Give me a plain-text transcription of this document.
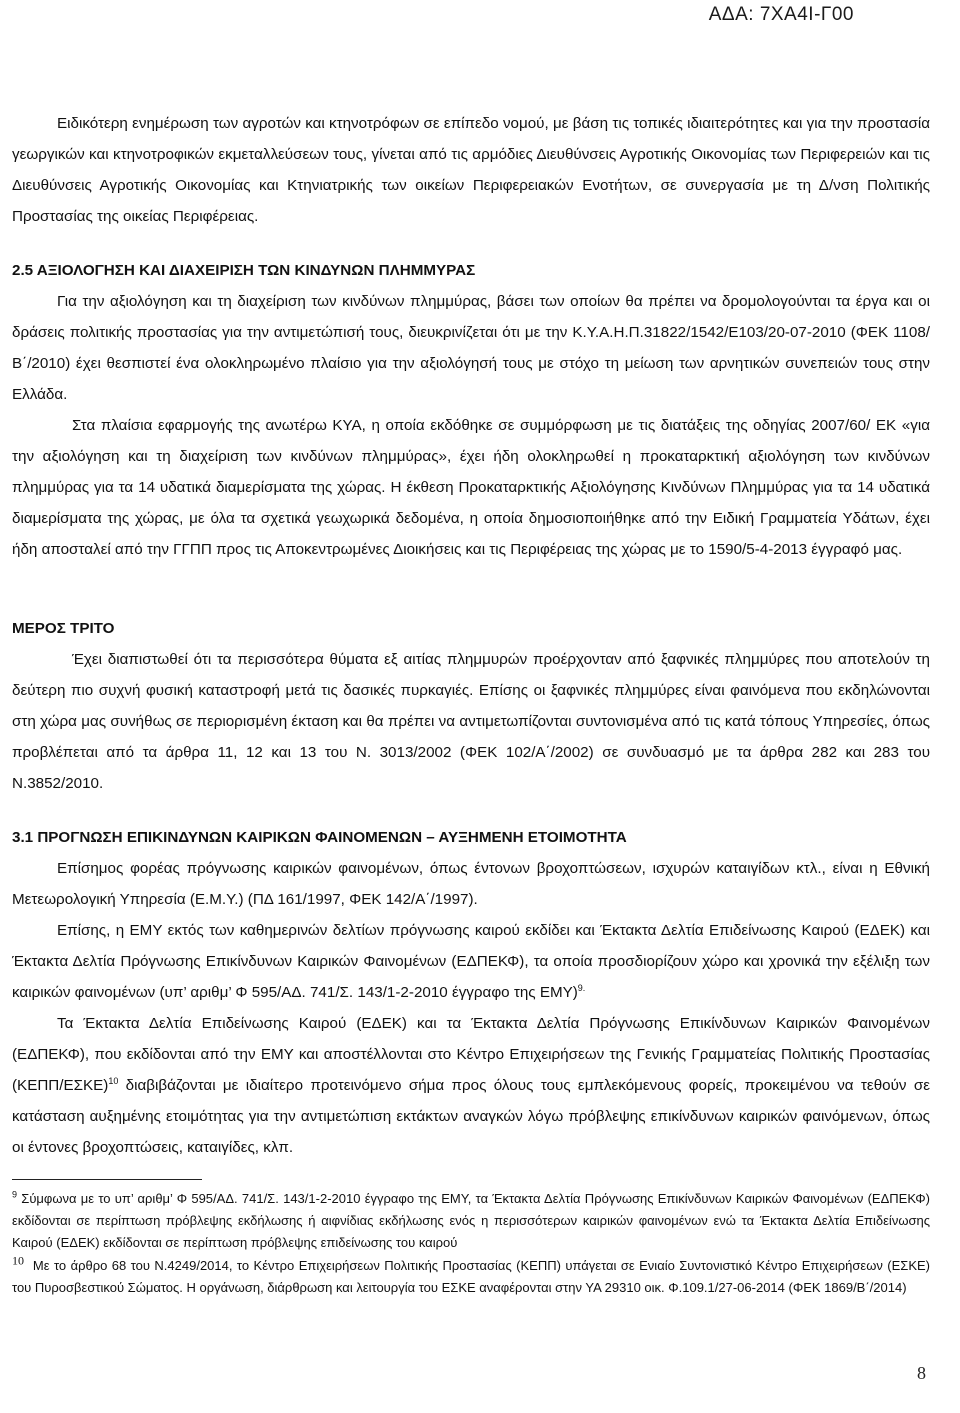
ΑΔΑ: 7ΧΑ4Ι-Γ00

Ειδικότερη ενημέρωση των αγροτών και κτηνοτρόφων σε επίπεδο νομού, με βάση τις τοπικές ιδιαιτερότητες και για την προστασία γεωργικών και κτηνοτροφικών εκμεταλλεύσεων τους, γίνεται από τις αρμόδιες Διευθύνσεις Αγροτικής Οικονομίας των Περιφερειών και τις Διευθύνσεις Αγροτικής Οικονομίας και Κτηνιατρικής των οικείων Περιφερειακών Ενοτήτων, σε συνεργασία με τη Δ/νση Πολιτικής Προστασίας της οικείας Περιφέρειας.

2.5 ΑΞΙΟΛΟΓΗΣΗ ΚΑΙ ΔΙΑΧΕΙΡΙΣΗ ΤΩΝ ΚΙΝΔΥΝΩΝ ΠΛΗΜΜΥΡΑΣ

Για την αξιολόγηση και τη διαχείριση των κινδύνων πλημμύρας, βάσει των οποίων θα πρέπει να δρομολογούνται τα έργα και οι δράσεις πολιτικής προστασίας για την αντιμετώπισή τους, διευκρινίζεται ότι με την Κ.Υ.Α.Η.Π.31822/1542/Ε103/20-07-2010 (ΦΕΚ 1108/Β΄/2010) έχει θεσπιστεί ένα ολοκληρωμένο πλαίσιο για την αξιολόγησή τους με στόχο τη μείωση των αρνητικών συνεπειών τους στην Ελλάδα.

Στα πλαίσια εφαρμογής της ανωτέρω ΚΥΑ, η οποία εκδόθηκε σε συμμόρφωση με τις διατάξεις της οδηγίας 2007/60/ ΕΚ «για την αξιολόγηση και τη διαχείριση των κινδύνων πλημμύρας», έχει ήδη ολοκληρωθεί η προκαταρκτική αξιολόγηση των κινδύνων πλημμύρας για τα 14 υδατικά διαμερίσματα της χώρας. Η έκθεση Προκαταρκτικής Αξιολόγησης Κινδύνων Πλημμύρας για τα 14 υδατικά διαμερίσματα της χώρας, με όλα τα σχετικά γεωχωρικά δεδομένα, η οποία δημοσιοποιήθηκε από την Ειδική Γραμματεία Υδάτων, έχει ήδη αποσταλεί από την ΓΓΠΠ προς τις Αποκεντρωμένες Διοικήσεις και τις Περιφέρειας της χώρας με το 1590/5-4-2013 έγγραφό μας.

ΜΕΡΟΣ ΤΡΙΤΟ

Έχει διαπιστωθεί ότι τα περισσότερα θύματα εξ αιτίας πλημμυρών προέρχονταν από ξαφνικές πλημμύρες που αποτελούν τη δεύτερη πιο συχνή φυσική καταστροφή μετά τις δασικές πυρκαγιές. Επίσης οι ξαφνικές πλημμύρες είναι φαινόμενα που εκδηλώνονται στη χώρα μας συνήθως σε περιορισμένη έκταση και θα πρέπει να αντιμετωπίζονται συντονισμένα από τις κατά τόπους Υπηρεσίες, όπως προβλέπεται από τα άρθρα 11, 12 και 13 του Ν. 3013/2002 (ΦΕΚ 102/Α΄/2002) σε συνδυασμό με τα άρθρα 282 και 283 του Ν.3852/2010.

3.1 ΠΡΟΓΝΩΣΗ ΕΠΙΚΙΝΔΥΝΩΝ ΚΑΙΡΙΚΩΝ ΦΑΙΝΟΜΕΝΩΝ – ΑΥΞΗΜΕΝΗ ΕΤΟΙΜΟΤΗΤΑ

Επίσημος φορέας πρόγνωσης καιρικών φαινομένων, όπως έντονων βροχοπτώσεων, ισχυρών καταιγίδων κτλ., είναι η Εθνική Μετεωρολογική Υπηρεσία (Ε.Μ.Υ.) (ΠΔ 161/1997, ΦΕΚ 142/Α΄/1997).

Επίσης, η ΕΜΥ εκτός των καθημερινών δελτίων πρόγνωσης καιρού εκδίδει και Έκτακτα Δελτία Επιδείνωσης Καιρού (ΕΔΕΚ) και Έκτακτα Δελτία Πρόγνωσης Επικίνδυνων Καιρικών Φαινομένων (ΕΔΠΕΚΦ), τα οποία προσδιορίζουν χώρο και χρονικά την εξέλιξη των καιρικών φαινομένων (υπ’ αριθμ’ Φ 595/ΑΔ. 741/Σ. 143/1-2-2010 έγγραφο της ΕΜΥ)$^{9.}$

Τα Έκτακτα Δελτία Επιδείνωσης Καιρού (ΕΔΕΚ) και τα Έκτακτα Δελτία Πρόγνωσης Επικίνδυνων Καιρικών Φαινομένων (ΕΔΠΕΚΦ), που εκδίδονται από την ΕΜΥ και αποστέλλονται στο Κέντρο Επιχειρήσεων της Γενικής Γραμματείας Πολιτικής Προστασίας $(KE\Pi\Pi/E\Sigma KE)^{10}$ διαβιβάζονται με ιδιαίτερο προτεινόμενο σήμα προς όλους τους εμπλεκόμενους φορείς, προκειμένου να τεθούν σε κατάσταση αυξημένης ετοιμότητας για την αντιμετώπιση εκτάκτων αναγκών λόγω πρόβλεψης επικίνδυνων καιρικών φαινόμενων, όπως οι έντονες βροχοπτώσεις, καταιγίδες, κλπ.

$^9$ Σύμφωνα με το υπ’ αριθμ’ Φ 595/ΑΔ. 741/Σ. 143/1-2-2010 έγγραφο της ΕΜΥ, τα Έκτακτα Δελτία Πρόγνωσης Επικίνδυνων Καιρικών Φαινομένων (ΕΔΠΕΚΦ) εκδίδονται σε περίπτωση πρόβλεψης εκδήλωσης ή αιφνίδιας εκδήλωσης ενός η περισσότερων καιρικών φαινομένων ενώ τα Έκτακτα Δελτία Επιδείνωσης Καιρού (ΕΔΕΚ) εκδίδονται σε περίπτωση πρόβλεψης επιδείνωσης του καιρού

10 Με το άρθρο 68 του Ν.4249/2014, το Κέντρο Επιχειρήσεων Πολιτικής Προστασίας (ΚΕΠΠ) υπάγεται σε Ενιαίο Συντονιστικό Κέντρο Επιχειρήσεων (ΕΣΚΕ) του Πυροσβεστικού Σώματος. Η οργάνωση, διάρθρωση και λειτουργία του ΕΣΚΕ αναφέρονται στην ΥΑ 29310 οικ. Φ.109.1/27-06-2014 (ΦΕΚ 1869/Β΄/2014)

8
